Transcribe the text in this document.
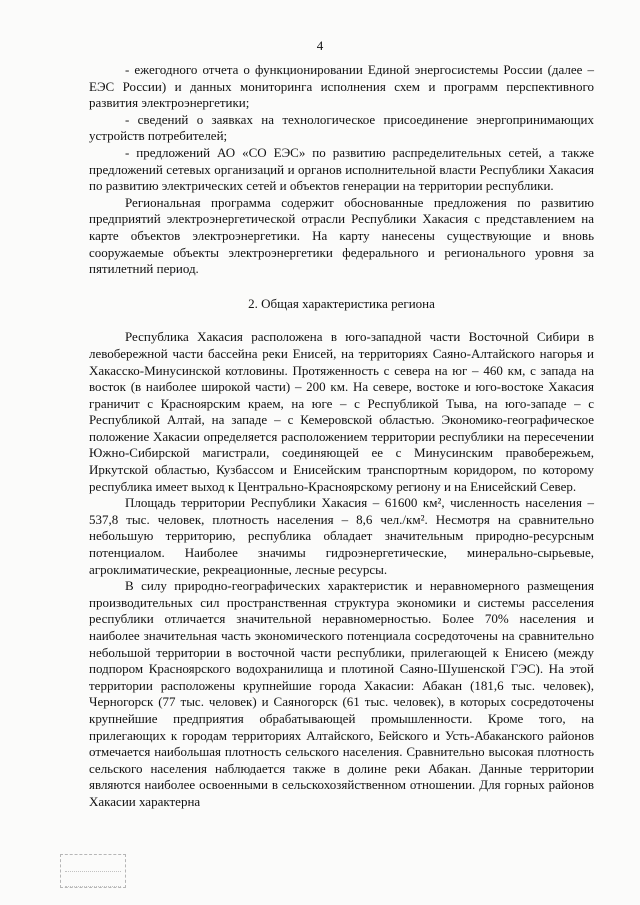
4

- ежегодного отчета о функционировании Единой энергосистемы России (далее – ЕЭС России) и данных мониторинга исполнения схем и программ перспективного развития электроэнергетики;

- сведений о заявках на технологическое присоединение энергопринимающих устройств потребителей;

- предложений АО «СО ЕЭС» по развитию распределительных сетей, а также предложений сетевых организаций и органов исполнительной власти Республики Хакасия по развитию электрических сетей и объектов генерации на территории республики.

Региональная программа содержит обоснованные предложения по развитию предприятий электроэнергетической отрасли Республики Хакасия с представлением на карте объектов электроэнергетики. На карту нанесены существующие и вновь сооружаемые объекты электроэнергетики федерального и регионального уровня за пятилетний период.

2. Общая характеристика региона

Республика Хакасия расположена в юго-западной части Восточной Сибири в левобережной части бассейна реки Енисей, на территориях Саяно-Алтайского нагорья и Хакасско-Минусинской котловины. Протяженность с севера на юг – 460 км, с запада на восток (в наиболее широкой части) – 200 км. На севере, востоке и юго-востоке Хакасия граничит с Красноярским краем, на юге – с Республикой Тыва, на юго-западе – с Республикой Алтай, на западе – с Кемеровской областью. Экономико-географическое положение Хакасии определяется расположением территории республики на пересечении Южно-Сибирской магистрали, соединяющей ее с Минусинским правобережьем, Иркутской областью, Кузбассом и Енисейским транспортным коридором, по которому республика имеет выход к Центрально-Красноярскому региону и на Енисейский Север.

Площадь территории Республики Хакасия – 61600 км², численность населения – 537,8 тыс. человек, плотность населения – 8,6 чел./км². Несмотря на сравнительно небольшую территорию, республика обладает значительным природно-ресурсным потенциалом. Наиболее значимы гидроэнергетические, минерально-сырьевые, агроклиматические, рекреационные, лесные ресурсы.

В силу природно-географических характеристик и неравномерного размещения производительных сил пространственная структура экономики и системы расселения республики отличается значительной неравномерностью. Более 70% населения и наиболее значительная часть экономического потенциала сосредоточены на сравнительно небольшой территории в восточной части республики, прилегающей к Енисею (между подпором Красноярского водохранилища и плотиной Саяно-Шушенской ГЭС). На этой территории расположены крупнейшие города Хакасии: Абакан (181,6 тыс. человек), Черногорск (77 тыс. человек) и Саяногорск (61 тыс. человек), в которых сосредоточены крупнейшие предприятия обрабатывающей промышленности. Кроме того, на прилегающих к городам территориях Алтайского, Бейского и Усть-Абаканского районов отмечается наибольшая плотность сельского населения. Сравнительно высокая плотность сельского населения наблюдается также в долине реки Абакан. Данные территории являются наиболее освоенными в сельскохозяйственном отношении. Для горных районов Хакасии характерна
